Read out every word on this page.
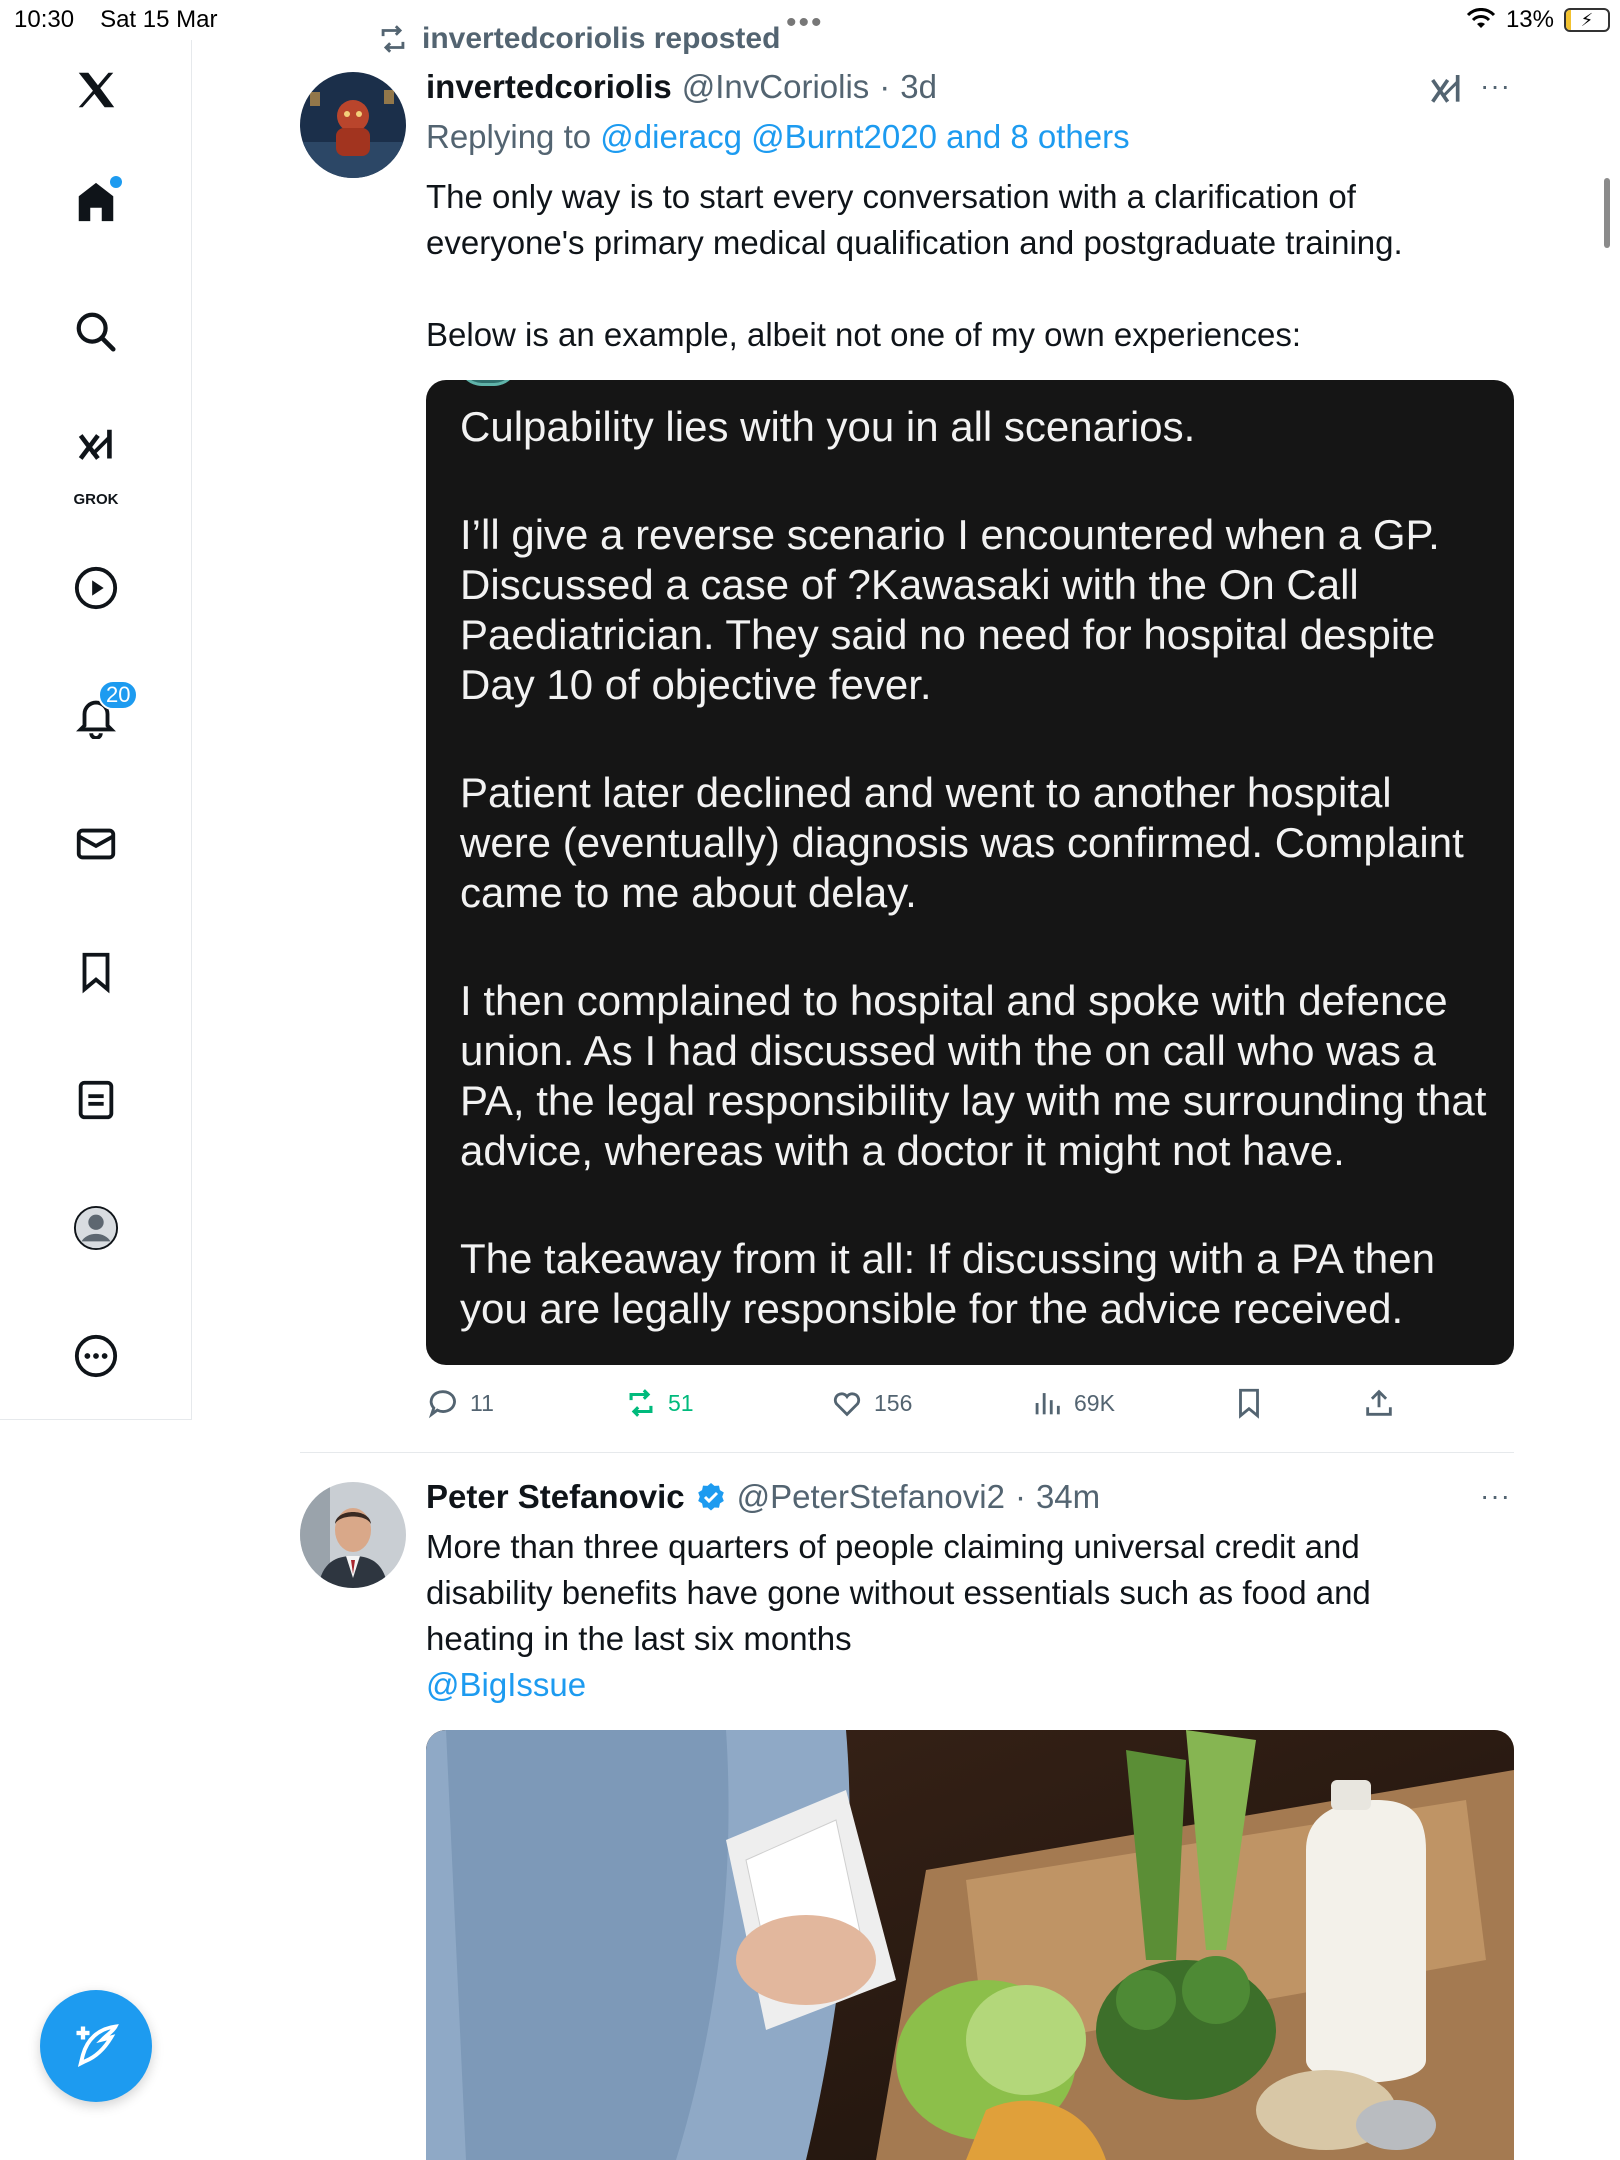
10:30 Sat 15 Mar	•••	13% ⚡
GROK
20
invertedcoriolis reposted
invertedcoriolis @InvCoriolis · 3d	···
Replying to @dieracg @Burnt2020 and 8 others

The only way is to start every conversation with a clarification of

everyone's primary medical qualification and postgraduate training.

Below is an example, albeit not one of my own experiences:

Culpability lies with you in all scenarios.
I’ll give a reverse scenario I encountered when a GP. Discussed a case of ?Kawasaki with the On Call Paediatrician. They said no need for hospital despite Day 10 of objective fever.
Patient later declined and went to another hospital were (eventually) diagnosis was confirmed. Complaint came to me about delay.
I then complained to hospital and spoke with defence union. As I had discussed with the on call who was a PA, the legal responsibility lay with me surrounding that advice, whereas with a doctor it might not have.
The takeaway from it all: If discussing with a PA then you are legally responsible for the advice received.
11	51	156	69K
Peter Stefanovic @PeterStefanovi2 · 34m	···

More than three quarters of people claiming universal credit and

disability benefits have gone without essentials such as food and

heating in the last six months

@BigIssue
